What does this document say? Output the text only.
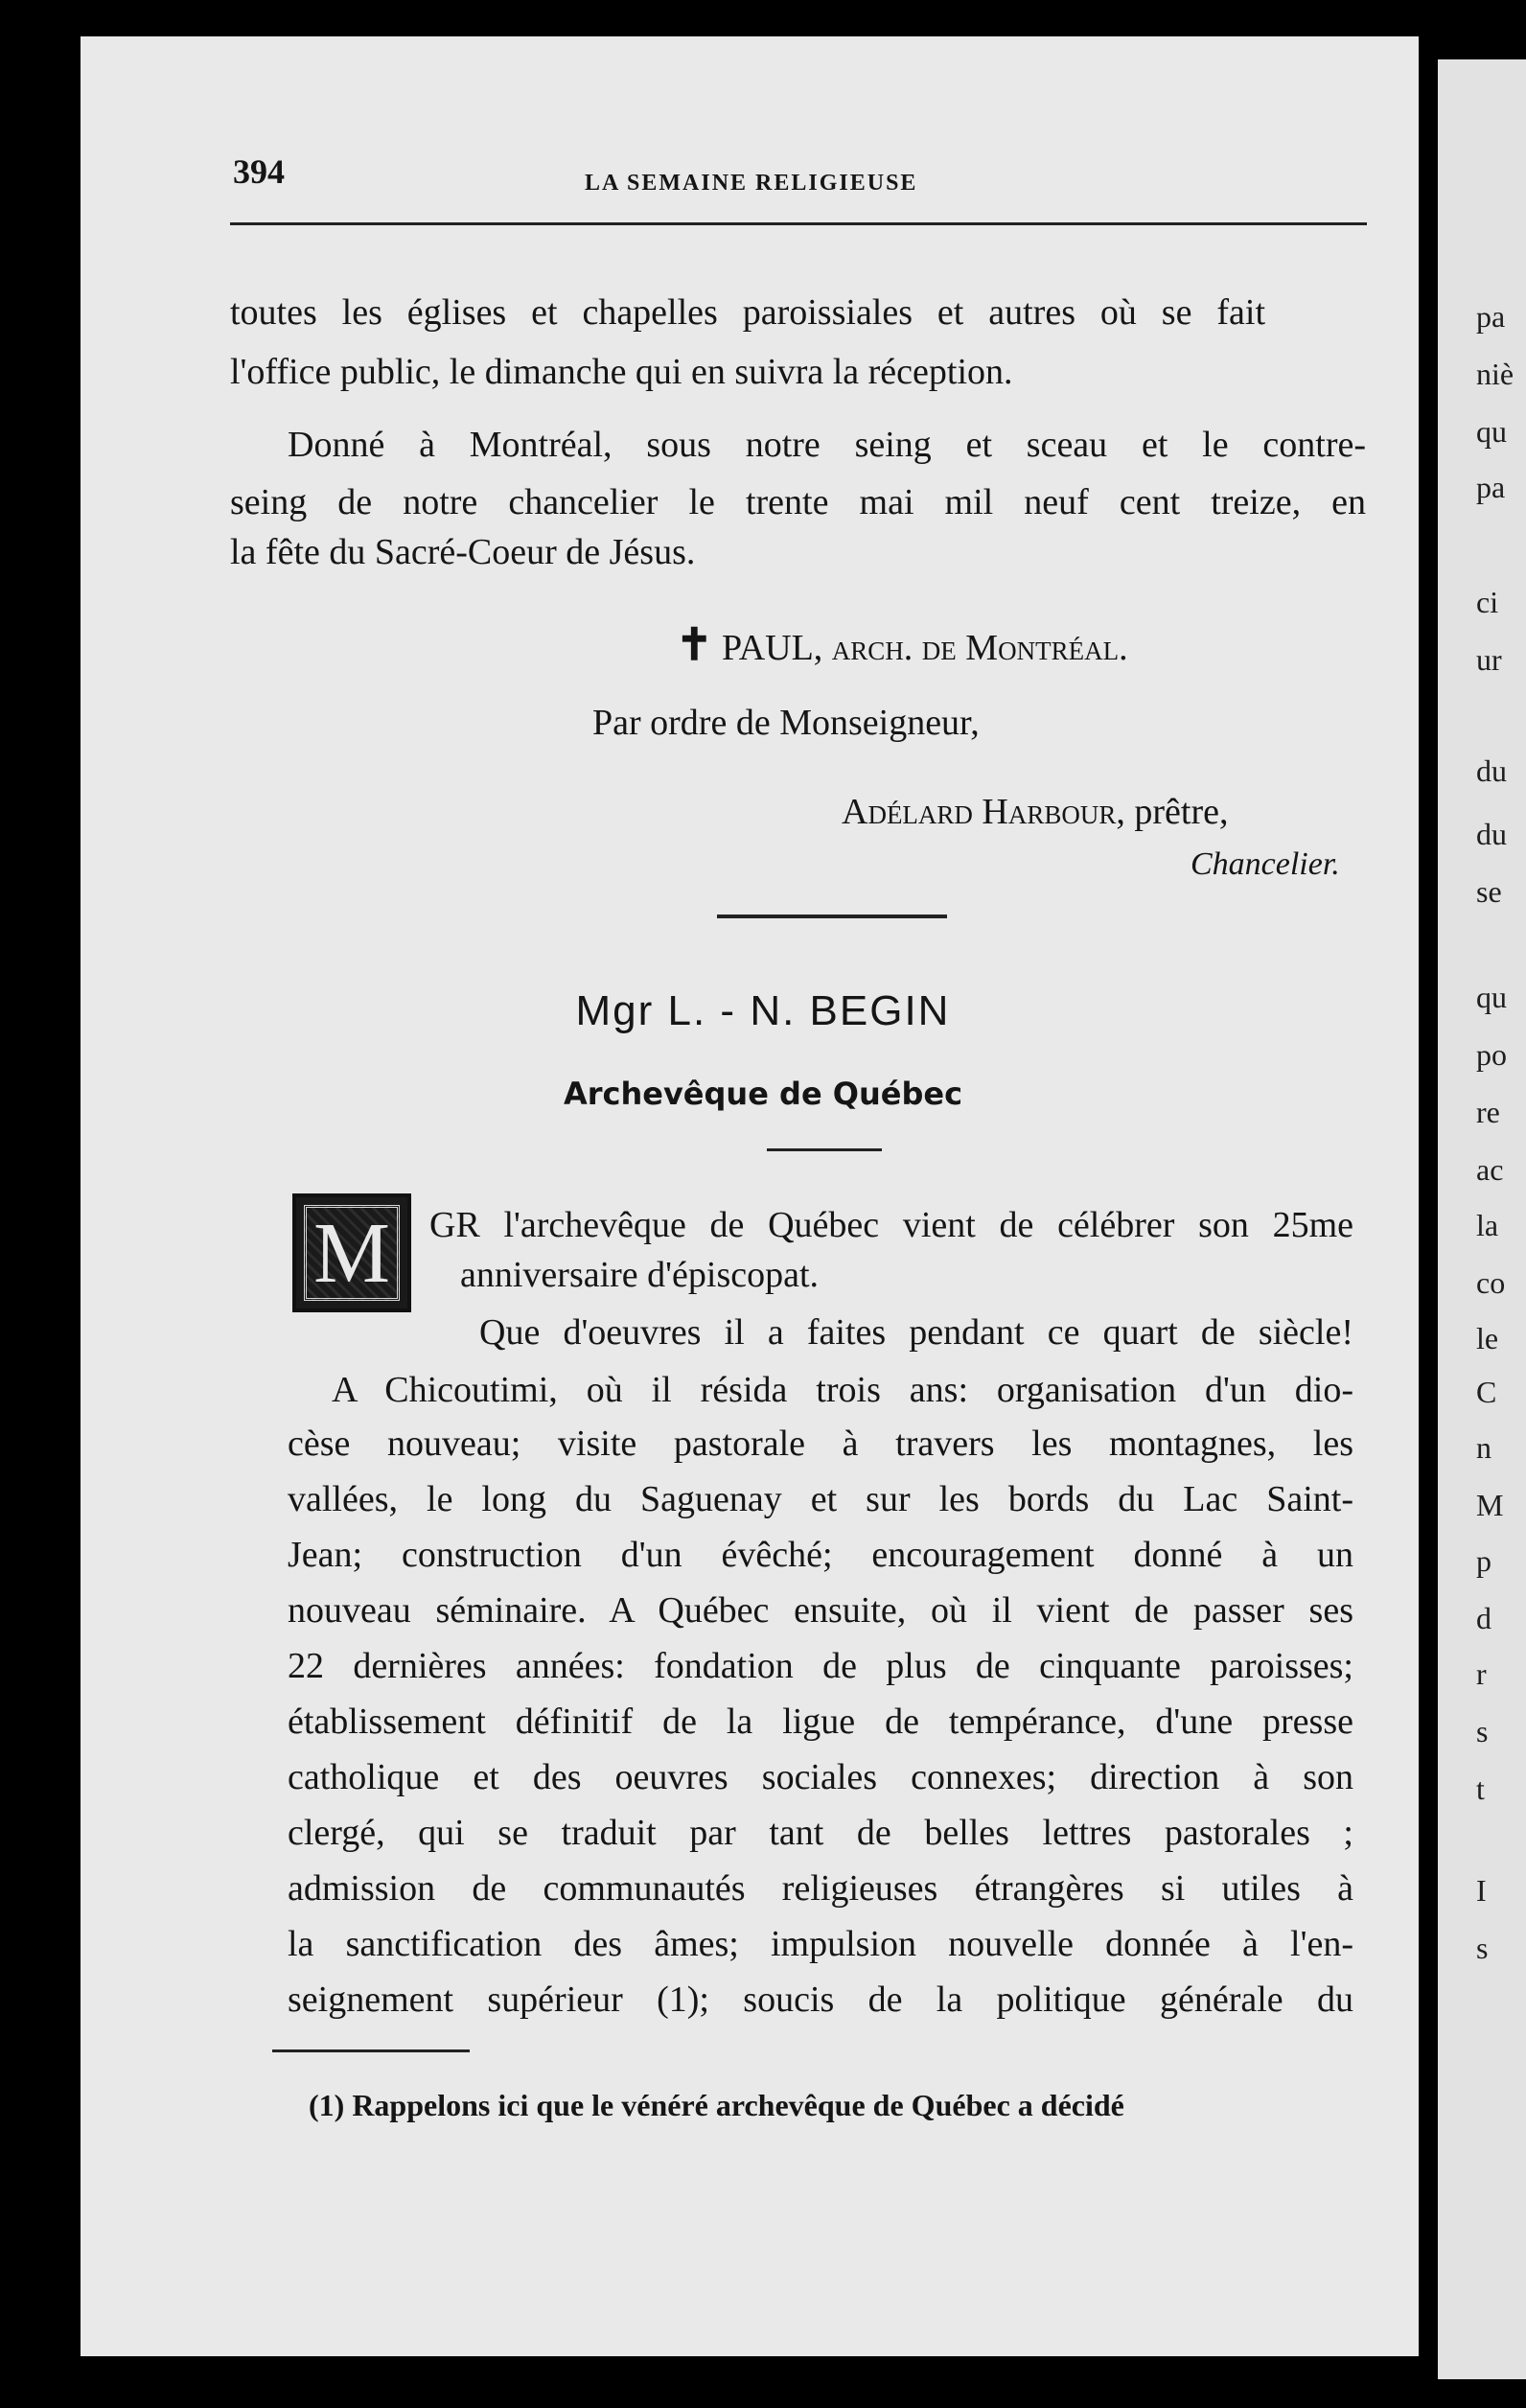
pa
niè
qu
pa
ci
ur
du
du
se
qu
po
re
ac
la
co
le
C
n
M
p
d
r
s
t
I
s
394	LA SEMAINE RELIGIEUSE
toutes les églises et chapelles paroissiales et autres où se fait
l'office public, le dimanche qui en suivra la réception.
Donné à Montréal, sous notre seing et sceau et le contre-
seing de notre chancelier le trente mai mil neuf cent treize, en
la fête du Sacré-Coeur de Jésus.
✝ PAUL, arch. de Montréal.
Par ordre de Monseigneur,
Adélard Harbour, prêtre,
Chancelier.
Mgr L. - N. BEGIN
Archevêque de Québec
M GR l'archevêque de Québec vient de célébrer son 25me
anniversaire d'épiscopat.
Que d'oeuvres il a faites pendant ce quart de siècle!
A Chicoutimi, où il résida trois ans: organisation d'un dio-
cèse nouveau; visite pastorale à travers les montagnes, les
vallées, le long du Saguenay et sur les bords du Lac Saint-
Jean; construction d'un évêché; encouragement donné à un
nouveau séminaire. A Québec ensuite, où il vient de passer ses
22 dernières années: fondation de plus de cinquante paroisses;
établissement définitif de la ligue de tempérance, d'une presse
catholique et des oeuvres sociales connexes; direction à son
clergé, qui se traduit par tant de belles lettres pastorales ;
admission de communautés religieuses étrangères si utiles à
la sanctification des âmes; impulsion nouvelle donnée à l'en-
seignement supérieur (1); soucis de la politique générale du
(1) Rappelons ici que le vénéré archevêque de Québec a décidé
